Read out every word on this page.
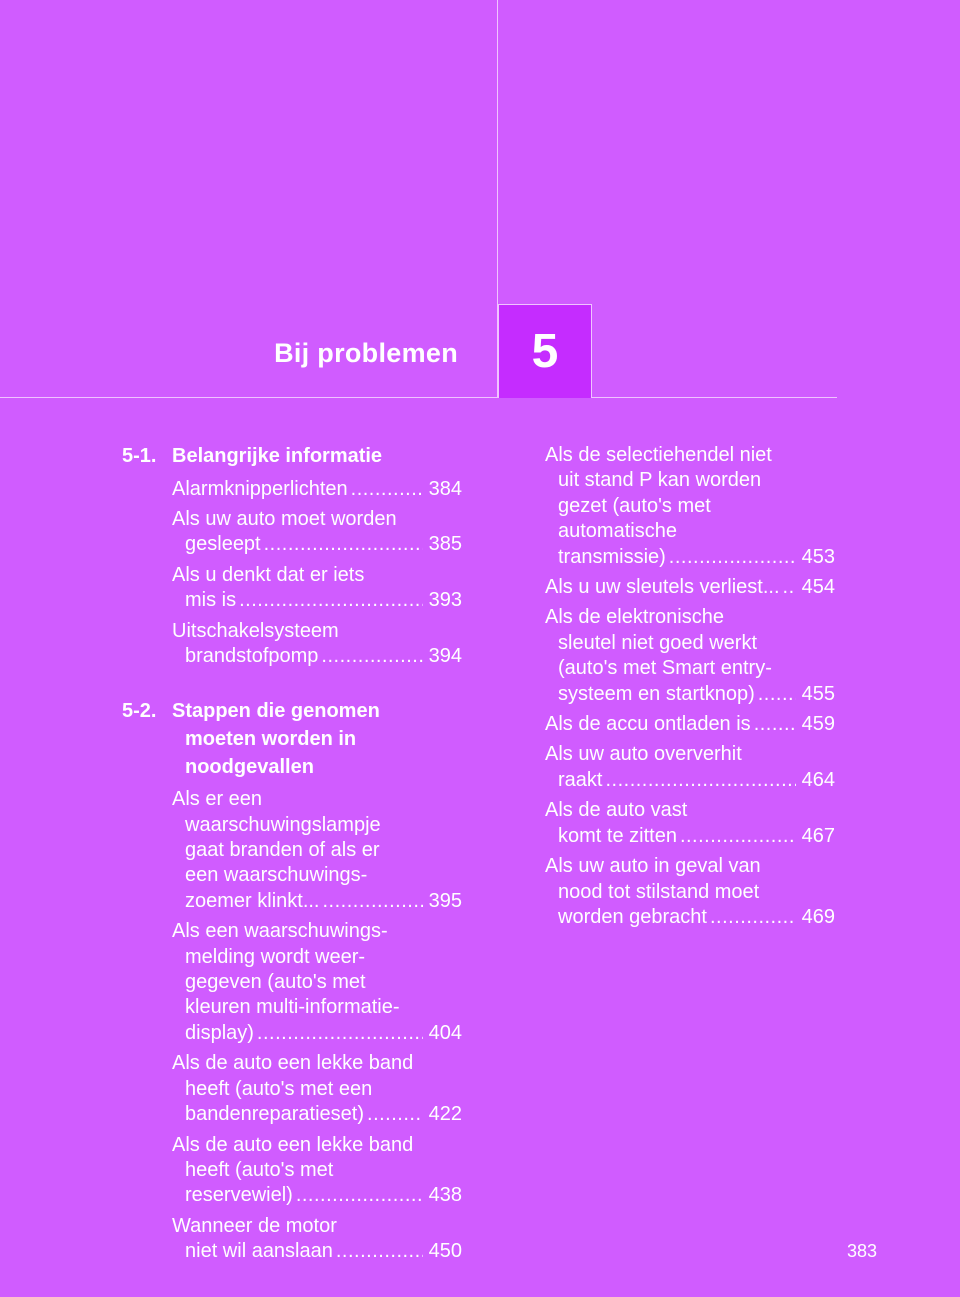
Bij problemen 5
5-1. Belangrijke informatie
Alarmknipperlichten .....	384
Als uw auto moet worden
gesleept .....	385
Als u denkt dat er iets
mis is .....	393
Uitschakelsysteem
brandstofpomp .....	394
5-2. Stappen die genomen
moeten worden in
noodgevallen
Als er een
waarschuwingslampje
gaat branden of als er
een waarschuwings-
zoemer klinkt... .....	395
Als een waarschuwings-
melding wordt weer-
gegeven (auto's met
kleuren multi-informatie-
display) .....	404
Als de auto een lekke band
heeft (auto's met een
bandenreparatieset) .....	422
Als de auto een lekke band
heeft (auto's met
reservewiel) .....	438
Wanneer de motor
niet wil aanslaan .....	450
Als de selectiehendel niet
uit stand P kan worden
gezet (auto's met
automatische
transmissie) .....	453
Als u uw sleutels verliest... ..... 454
Als de elektronische
sleutel niet goed werkt
(auto's met Smart entry-
systeem en startknop) ..... 455
Als de accu ontladen is .....	459
Als uw auto oververhit
raakt .....	464
Als de auto vast
komt te zitten .....	467
Als uw auto in geval van
nood tot stilstand moet
worden gebracht .....	469
383
